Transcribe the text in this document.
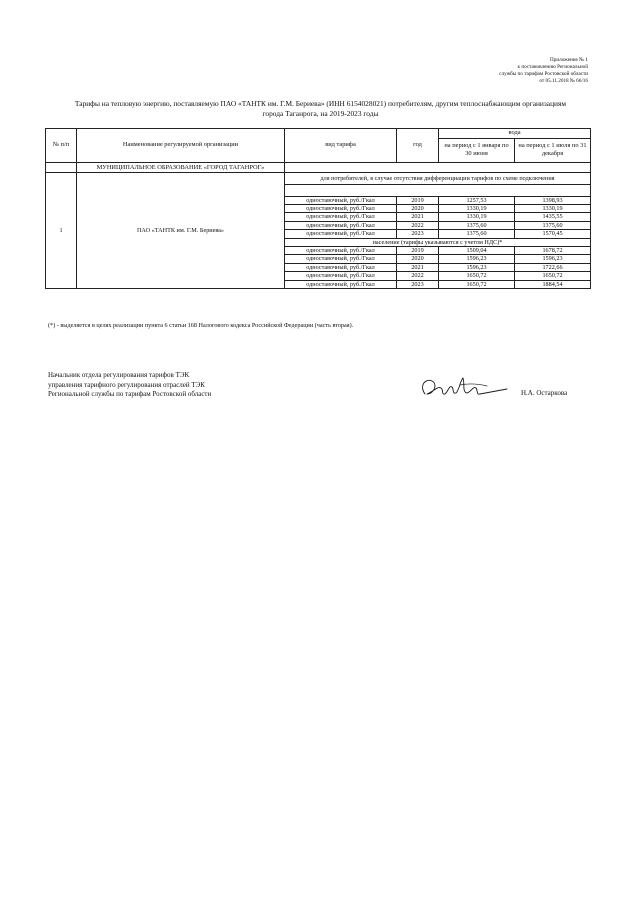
Приложение № 1
к постановлению Региональной
службы по тарифам Ростовской области
от 05.11.2018 № 66/16
Тарифы на тепловую энергию, поставляемую ПАО «ТАНТК им. Г.М. Бериева» (ИНН 6154028021) потребителям, другим теплоснабжающим организациям
города Таганрога, на 2019-2023 годы
№ п/п	Наименование регулируемой организации	вид тарифа	год	вода	
				на период с 1 января по 30 июня	на период с 1 июля по 31 декабря
	МУНИЦИПАЛЬНОЕ ОБРАЗОВАНИЕ «ГОРОД ТАГАНРОГ»				
1	ПАО «ТАНТК им. Г.М. Бериева»	для потребителей, в случае отсутствия дифференциации тарифов по схеме подключения			

		одноставочный, руб./Гкал	2019	1257,53	1398,93
		одноставочный, руб./Гкал	2020	1330,19	1330,19
		одноставочный, руб./Гкал	2021	1330,19	1435,55
		одноставочный, руб./Гкал	2022	1375,60	1375,60
		одноставочный, руб./Гкал	2023	1375,60	1570,45
		население (тарифы указываются с учетом НДС)*			
		одноставочный, руб./Гкал	2019	1509,04	1678,72
		одноставочный, руб./Гкал	2020	1596,23	1596,23
		одноставочный, руб./Гкал	2021	1596,23	1722,66
		одноставочный, руб./Гкал	2022	1650,72	1650,72
		одноставочный, руб./Гкал	2023	1650,72	1884,54
(*) - выделяется в целях реализации пункта 6 статьи 168 Налогового кодекса Российской Федерации (часть вторая).
Начальник отдела регулирования тарифов ТЭК
управления тарифного регулирования отраслей ТЭК
Региональной службы по тарифам Ростовской области	Н.А. Остаркова
